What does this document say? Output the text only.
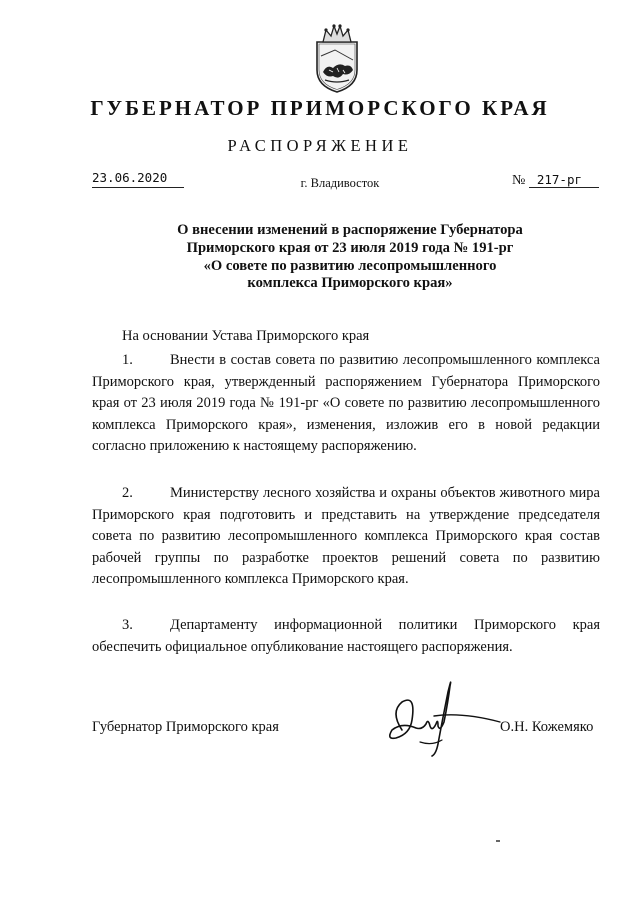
ГУБЕРНАТОР ПРИМОРСКОГО КРАЯ
РАСПОРЯЖЕНИЕ
23.06.2020	г. Владивосток	№ 217-рг
О внесении изменений в распоряжение Губернатора
Приморского края от 23 июля 2019 года № 191-рг
«О совете по развитию лесопромышленного
комплекса Приморского края»
На основании Устава Приморского края
1.	Внести в состав совета по развитию лесопромышленного комплекса Приморского края, утвержденный распоряжением Губернатора Приморского края от 23 июля 2019 года № 191-рг «О совете по развитию лесопромышленного комплекса Приморского края», изменения, изложив его в новой редакции согласно приложению к настоящему распоряжению.
2.	Министерству лесного хозяйства и охраны объектов животного мира Приморского края подготовить и представить на утверждение председателя совета по развитию лесопромышленного комплекса Приморского края состав рабочей группы по разработке проектов решений совета по развитию лесопромышленного комплекса Приморского края.
3.	Департаменту информационной политики Приморского края обеспечить официальное опубликование настоящего распоряжения.
Губернатор Приморского края	О.Н. Кожемяко
